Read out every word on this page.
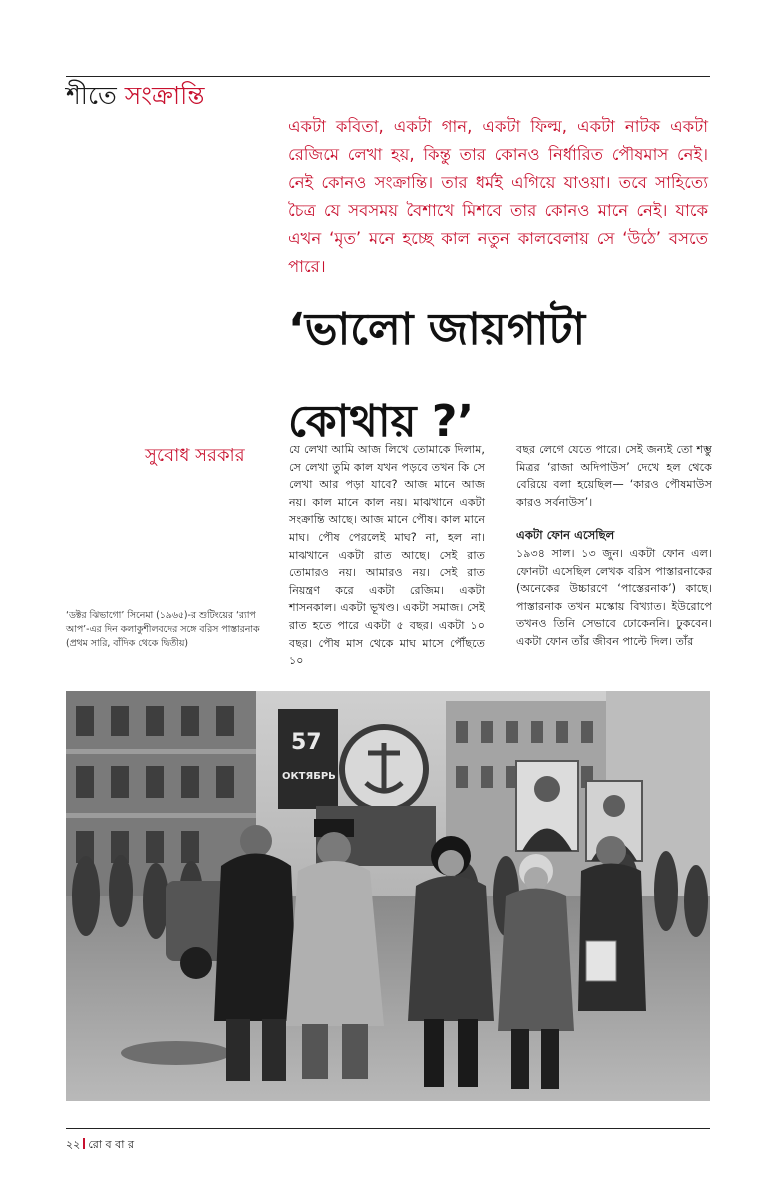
শীতে সংক্রান্তি

একটা কবিতা, একটা গান, একটা ফিল্ম, একটা নাটক একটা রেজিমে লেখা হয়, কিন্তু তার কোনও নির্ধারিত পৌষমাস নেই। নেই কোনও সংক্রান্তি। তার ধর্মই এগিয়ে যাওয়া। তবে সাহিত্যে চৈত্র যে সবসময় বৈশাখে মিশবে তার কোনও মানে নেই। যাকে এখন ‘মৃত’ মনে হচ্ছে কাল নতুন কালবেলায় সে ‘উঠে’ বসতে পারে।

‘ভালো জায়গাটা
কোথায় ?’

সুবোধ সরকার	যে লেখা আমি আজ লিখে তোমাকে দিলাম, সে লেখা তুমি কাল যখন পড়বে তখন কি সে লেখা আর পড়া যাবে? আজ মানে আজ নয়। কাল মানে কাল নয়। মাঝখানে একটা সংক্রান্তি আছে। আজ মানে পৌষ। কাল মানে মাঘ। পৌষ পেরলেই মাঘ? না, হল না। মাঝখানে একটা রাত আছে। সেই রাত তোমারও নয়। আমারও নয়। সেই রাত নিয়ন্ত্রণ করে একটা রেজিম। একটা শাসনকাল। একটা ভূখণ্ড। একটা সমাজ। সেই রাত হতে পারে একটা ৫ বছর। একটা ১০ বছর। পৌষ মাস থেকে মাঘ মাসে পৌঁছতে ১০

বছর লেগে যেতে পারে। সেই জন্যই তো শম্ভু মিত্রর ‘রাজা অদিপাউস’ দেখে হল থেকে বেরিয়ে বলা হয়েছিল— ‘কারও পৌষমাউস কারও সর্বনাউস’।

একটা ফোন এসেছিল

১৯৩৪ সাল। ১৩ জুন। একটা ফোন এল। ফোনটা এসেছিল লেখক বরিস পাস্তারনাকের (অনেকের উচ্চারণে ‘পাস্তেরনাক’) কাছে। পাস্তারনাক তখন মস্কোয় বিখ্যাত। ইউরোপে তখনও তিনি সেভাবে ঢোকেননি। ঢুকবেন। একটা ফোন তাঁর জীবন পাল্টে দিল। তাঁর

‘ডক্টর ঝিভাগো’ সিনেমা (১৯৬৫)-র শুটিংয়ের ‘র‍্যাপ আপ’-এর দিন কলাকুশীলবদের সঙ্গে বরিস পাস্তারনাক (প্রথম সারি, বাঁদিক থেকে দ্বিতীয়)

57
ОКТЯБРЬ
২২ রো ব বা র
